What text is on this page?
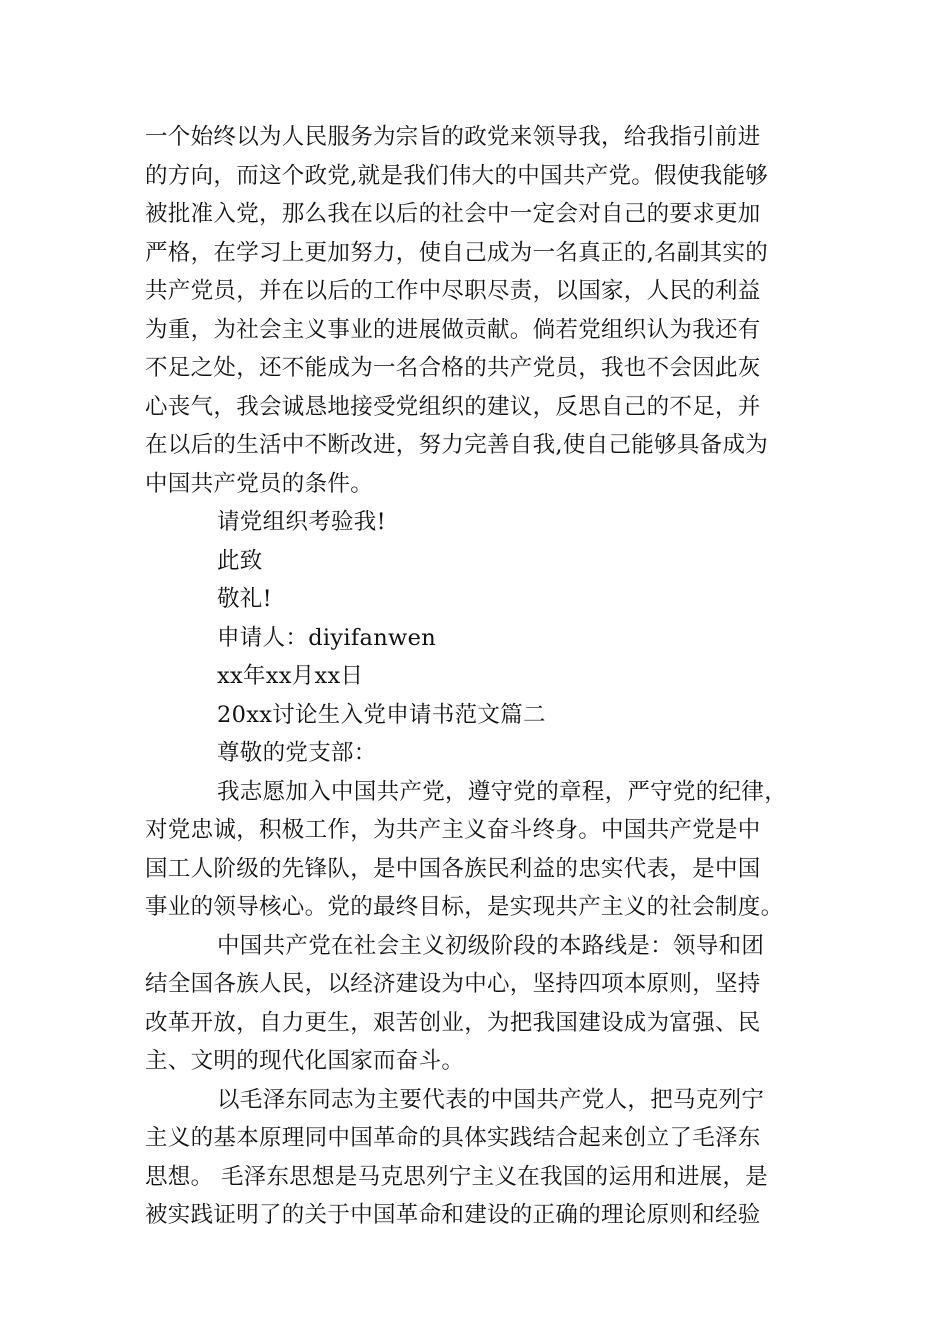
一个始终以为人民服务为宗旨的政党来领导我，给我指引前进
的方向，而这个政党,就是我们伟大的中国共产党。假使我能够
被批准入党，那么我在以后的社会中一定会对自己的要求更加
严格，在学习上更加努力，使自己成为一名真正的,名副其实的
共产党员，并在以后的工作中尽职尽责，以国家，人民的利益
为重，为社会主义事业的进展做贡献。倘若党组织认为我还有
不足之处，还不能成为一名合格的共产党员，我也不会因此灰
心丧气，我会诚恳地接受党组织的建议，反思自己的不足，并
在以后的生活中不断改进，努力完善自我,使自己能够具备成为
中国共产党员的条件。
请党组织考验我!
此致
敬礼!
申请人：diyifanwen
xx年xx月xx日
20xx讨论生入党申请书范文篇二
尊敬的党支部：
我志愿加入中国共产党，遵守党的章程，严守党的纪律，
对党忠诚，积极工作，为共产主义奋斗终身。中国共产党是中
国工人阶级的先锋队，是中国各族民利益的忠实代表，是中国
事业的领导核心。党的最终目标，是实现共产主义的社会制度。
中国共产党在社会主义初级阶段的本路线是：领导和团
结全国各族人民，以经济建设为中心，坚持四项本原则，坚持
改革开放，自力更生，艰苦创业，为把我国建设成为富强、民
主、文明的现代化国家而奋斗。
以毛泽东同志为主要代表的中国共产党人，把马克列宁
主义的基本原理同中国革命的具体实践结合起来创立了毛泽东
思想。 毛泽东思想是马克思列宁主义在我国的运用和进展，是
被实践证明了的关于中国革命和建设的正确的理论原则和经验
